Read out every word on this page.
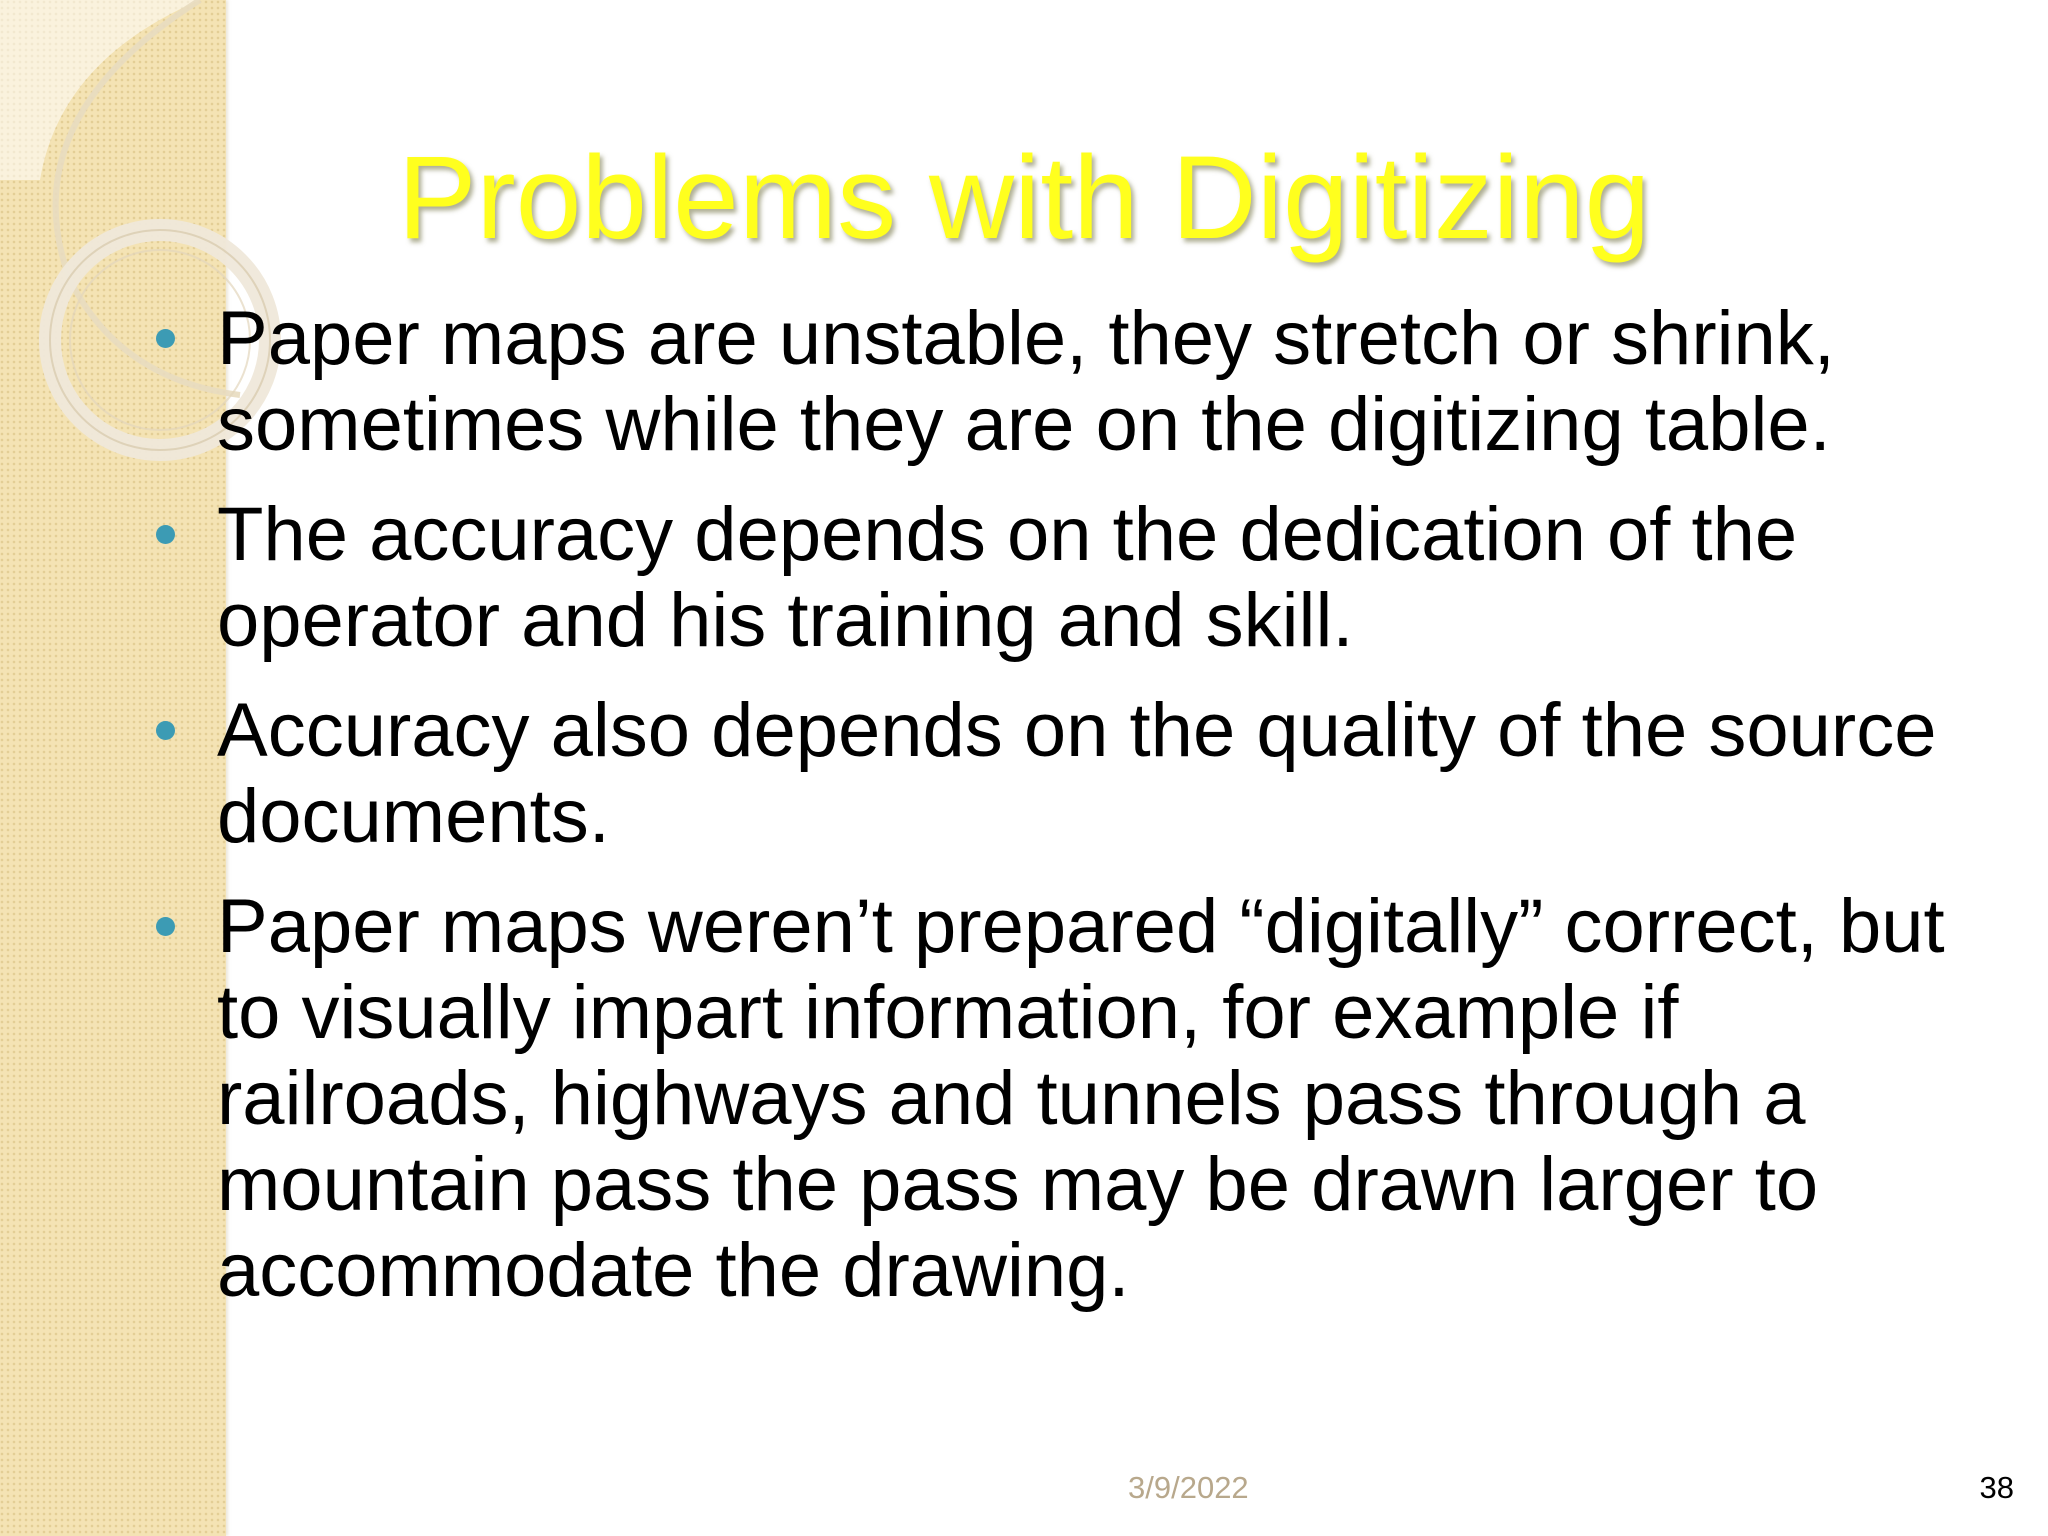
Problems with Digitizing
Paper maps are unstable, they stretch or shrink, sometimes while they are on the digitizing table.
The accuracy depends on the dedication of the operator and his training and skill.
Accuracy also depends on the quality of the source documents.
Paper maps weren’t prepared “digitally” correct, but to visually impart information, for example if railroads, highways and tunnels pass through a mountain pass the pass may be drawn larger to accommodate the drawing.
3/9/2022	38
